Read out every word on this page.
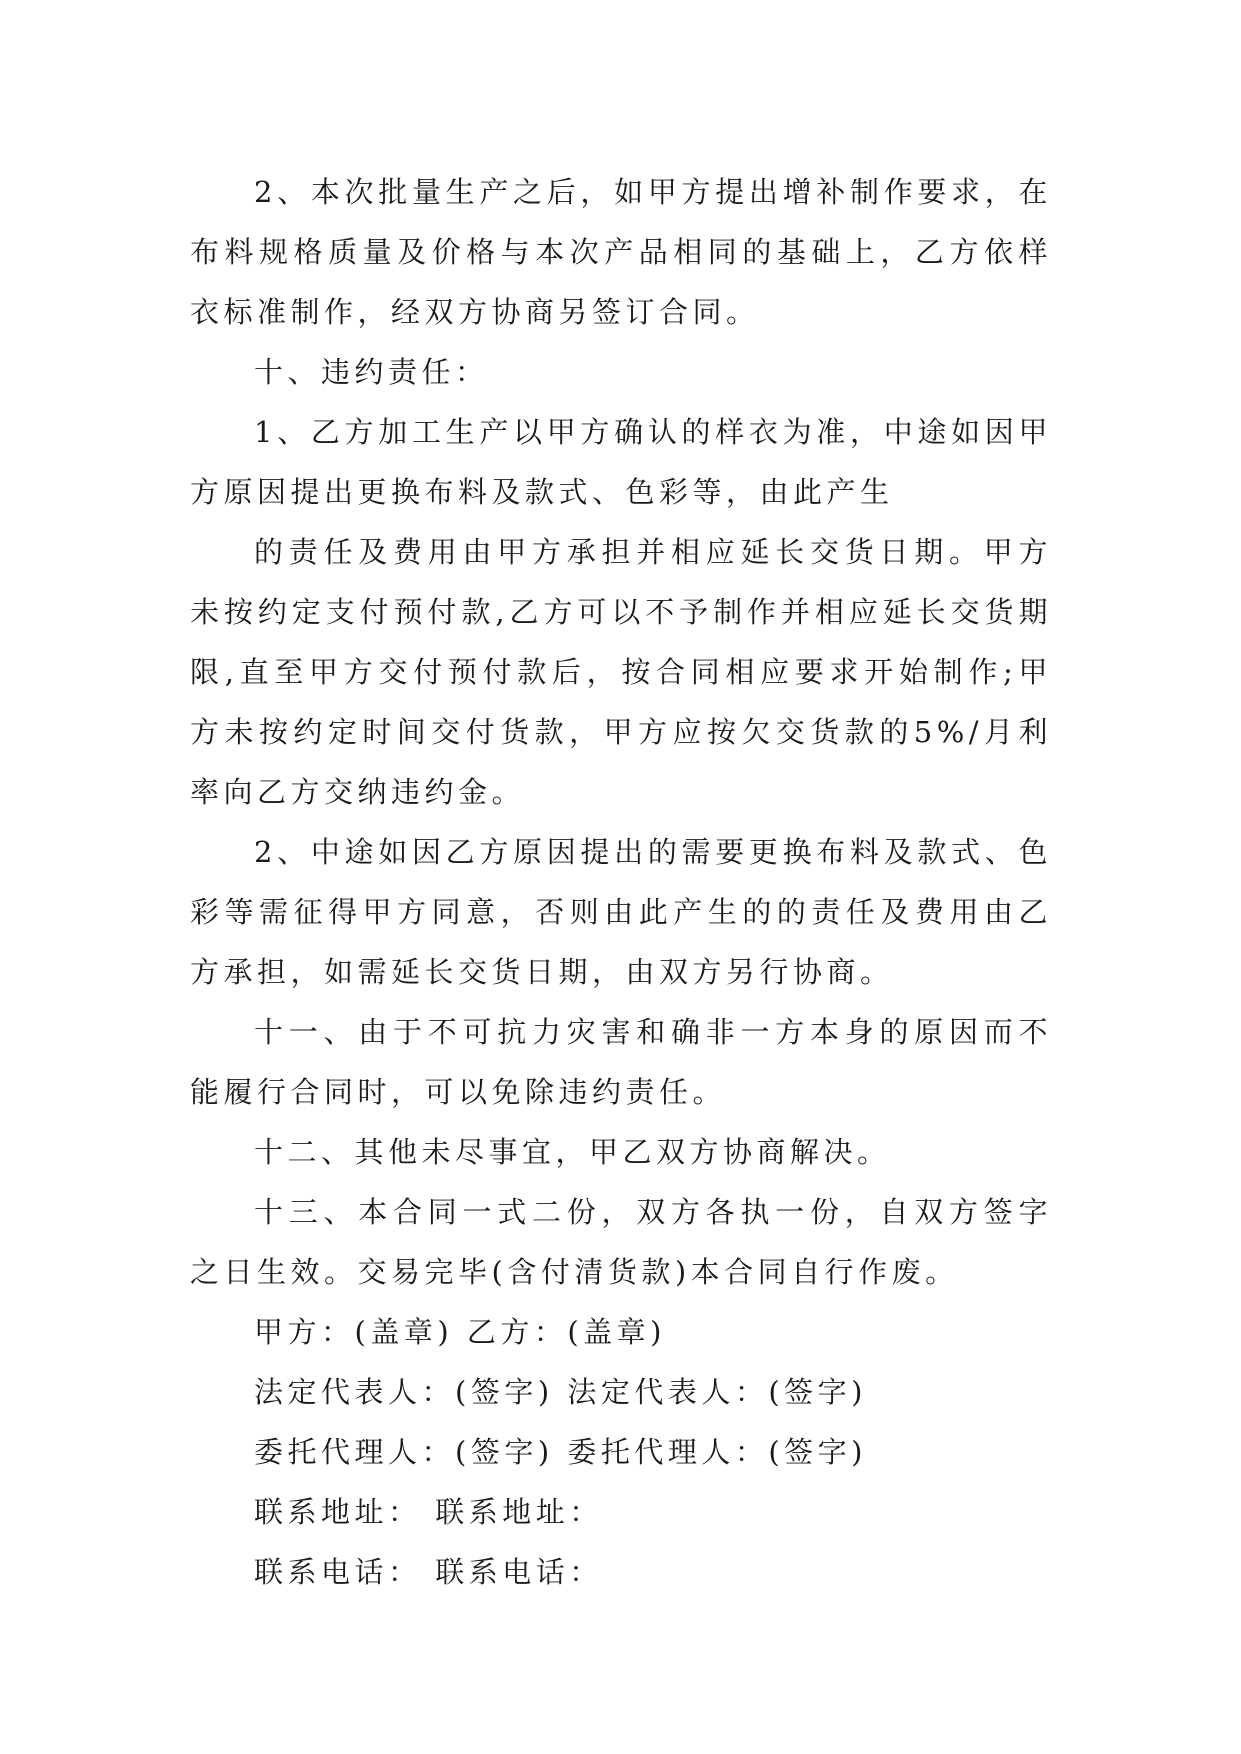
2、本次批量生产之后，如甲方提出增补制作要求，在布料规格质量及价格与本次产品相同的基础上，乙方依样衣标准制作，经双方协商另签订合同。

十、违约责任：

1、乙方加工生产以甲方确认的样衣为准，中途如因甲方原因提出更换布料及款式、色彩等，由此产生

的责任及费用由甲方承担并相应延长交货日期。甲方未按约定支付预付款,乙方可以不予制作并相应延长交货期限,直至甲方交付预付款后，按合同相应要求开始制作;甲方未按约定时间交付货款，甲方应按欠交货款的5%/月利率向乙方交纳违约金。

2、中途如因乙方原因提出的需要更换布料及款式、色彩等需征得甲方同意，否则由此产生的的责任及费用由乙方承担，如需延长交货日期，由双方另行协商。

十一、由于不可抗力灾害和确非一方本身的原因而不能履行合同时，可以免除违约责任。

十二、其他未尽事宜，甲乙双方协商解决。

十三、本合同一式二份，双方各执一份，自双方签字之日生效。交易完毕(含付清货款)本合同自行作废。

甲方：(盖章) 乙方：(盖章)

法定代表人：(签字) 法定代表人：(签字)

委托代理人：(签字) 委托代理人：(签字)

联系地址： 联系地址：

联系电话： 联系电话：
